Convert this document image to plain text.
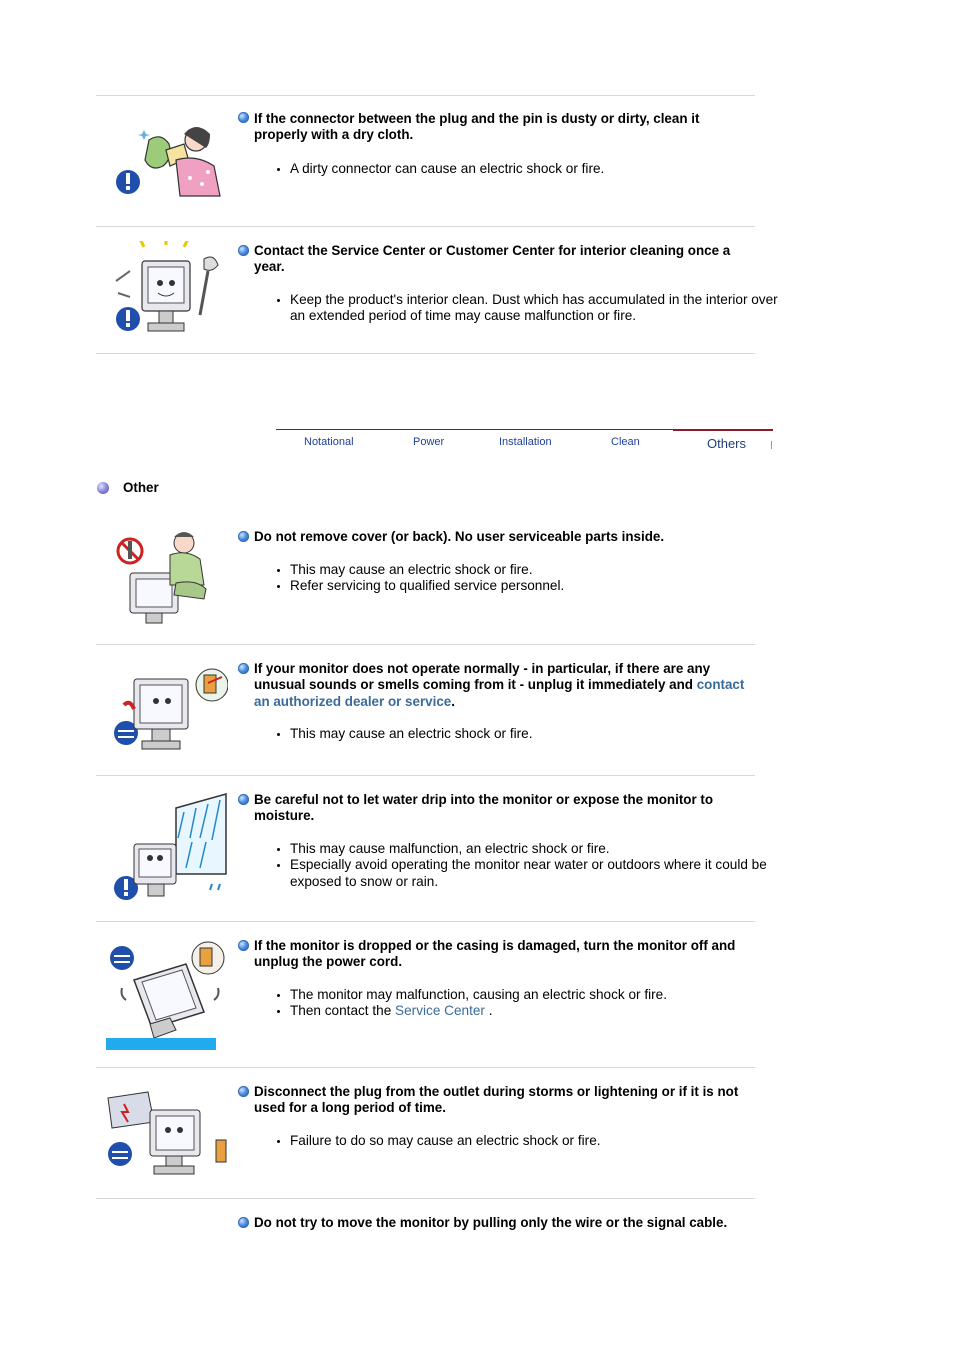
If the connector between the plug and the pin is dusty or dirty, clean it properly with a dry cloth.
• A dirty connector can cause an electric shock or fire.
Contact the Service Center or Customer Center for interior cleaning once a year.
• Keep the product's interior clean. Dust which has accumulated in the interior over an extended period of time may cause malfunction or fire.
Notational	Power	Installation	Clean	Others
Other
Do not remove cover (or back). No user serviceable parts inside.
• This may cause an electric shock or fire.
• Refer servicing to qualified service personnel.
If your monitor does not operate normally - in particular, if there are any unusual sounds or smells coming from it - unplug it immediately and contact an authorized dealer or service.
• This may cause an electric shock or fire.
Be careful not to let water drip into the monitor or expose the monitor to moisture.
• This may cause malfunction, an electric shock or fire.
• Especially avoid operating the monitor near water or outdoors where it could be exposed to snow or rain.
If the monitor is dropped or the casing is damaged, turn the monitor off and unplug the power cord.
• The monitor may malfunction, causing an electric shock or fire.
• Then contact the Service Center .
Disconnect the plug from the outlet during storms or lightening or if it is not used for a long period of time.
• Failure to do so may cause an electric shock or fire.
Do not try to move the monitor by pulling only the wire or the signal cable.
